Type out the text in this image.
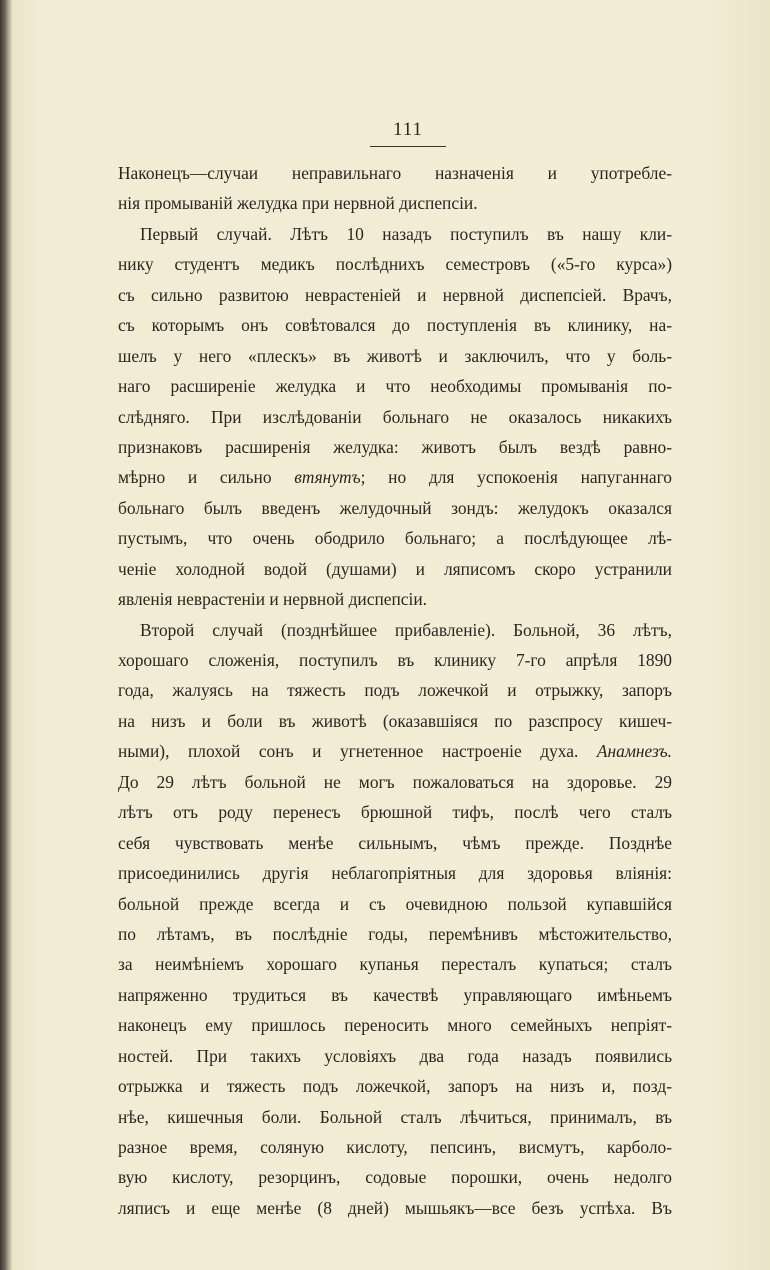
111
Наконецъ—случаи неправильнаго назначенія и употребле-
нія промываній желудка при нервной диспепсіи.
Первый случай. Лѣтъ 10 назадъ поступилъ въ нашу кли-
нику студентъ медикъ послѣднихъ семестровъ («5-го курса»)
съ сильно развитою неврастеніей и нервной диспепсіей. Врачъ,
съ которымъ онъ совѣтовался до поступленія въ клинику, на-
шелъ у него «плескъ» въ животѣ и заключилъ, что у боль-
наго расширеніе желудка и что необходимы промыванія по-
слѣдняго. При изслѣдованіи больнаго не оказалось никакихъ
признаковъ расширенія желудка: животъ былъ вездѣ равно-
мѣрно и сильно втянутъ; но для успокоенія напуганнаго
больнаго былъ введенъ желудочный зондъ: желудокъ оказался
пустымъ, что очень ободрило больнаго; а послѣдующее лѣ-
ченіе холодной водой (душами) и ляписомъ скоро устранили
явленія неврастеніи и нервной диспепсіи.
Второй случай (позднѣйшее прибавленіе). Больной, 36 лѣтъ,
хорошаго сложенія, поступилъ въ клинику 7-го апрѣля 1890
года, жалуясь на тяжесть подъ ложечкой и отрыжку, запоръ
на низъ и боли въ животѣ (оказавшіяся по разспросу кишеч-
ными), плохой сонъ и угнетенное настроеніе духа. Анамнезъ.
До 29 лѣтъ больной не могъ пожаловаться на здоровье. 29
лѣтъ отъ роду перенесъ брюшной тифъ, послѣ чего сталъ
себя чувствовать менѣе сильнымъ, чѣмъ прежде. Позднѣе
присоединились другія неблагопріятныя для здоровья вліянія:
больной прежде всегда и съ очевидною пользой купавшійся
по лѣтамъ, въ послѣдніе годы, перемѣнивъ мѣстожительство,
за неимѣніемъ хорошаго купанья пересталъ купаться; сталъ
напряженно трудиться въ качествѣ управляющаго имѣньемъ
наконецъ ему пришлось переносить много семейныхъ непріят-
ностей. При такихъ условіяхъ два года назадъ появились
отрыжка и тяжесть подъ ложечкой, запоръ на низъ и, позд-
нѣе, кишечныя боли. Больной сталъ лѣчиться, принималъ, въ
разное время, соляную кислоту, пепсинъ, висмутъ, карболо-
вую кислоту, резорцинъ, содовые порошки, очень недолго
ляписъ и еще менѣе (8 дней) мышьякъ—все безъ успѣха. Въ
